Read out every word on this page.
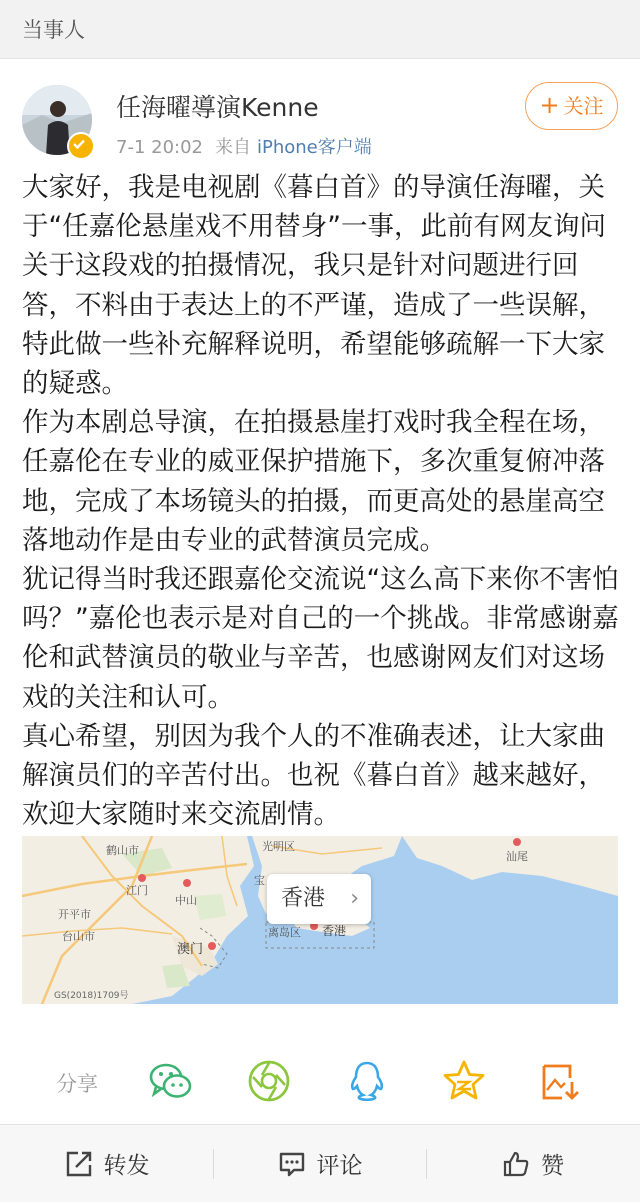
当事人
任海曜導演Kenne
7-1 20:02 来自 iPhone客户端
+ 关注

大家好，我是电视剧《暮白首》的导演任海曜，关于“任嘉伦悬崖戏不用替身”一事，此前有网友询问关于这段戏的拍摄情况，我只是针对问题进行回答，不料由于表达上的不严谨，造成了一些误解，特此做一些补充解释说明，希望能够疏解一下大家的疑惑。

作为本剧总导演，在拍摄悬崖打戏时我全程在场，任嘉伦在专业的威亚保护措施下，多次重复俯冲落地，完成了本场镜头的拍摄，而更高处的悬崖高空落地动作是由专业的武替演员完成。

犹记得当时我还跟嘉伦交流说“这么高下来你不害怕吗？”嘉伦也表示是对自己的一个挑战。非常感谢嘉伦和武替演员的敬业与辛苦，也感谢网友们对这场戏的关注和认可。

真心希望，别因为我个人的不准确表述，让大家曲解演员们的辛苦付出。也祝《暮白首》越来越好，欢迎大家随时来交流剧情。

鹤山市
江门
中山
开平市
台山市
澳门
光明区
汕尾
宝
离岛区 香港
香港 ›
GS(2018)1709号
分享
转发	评论	赞
